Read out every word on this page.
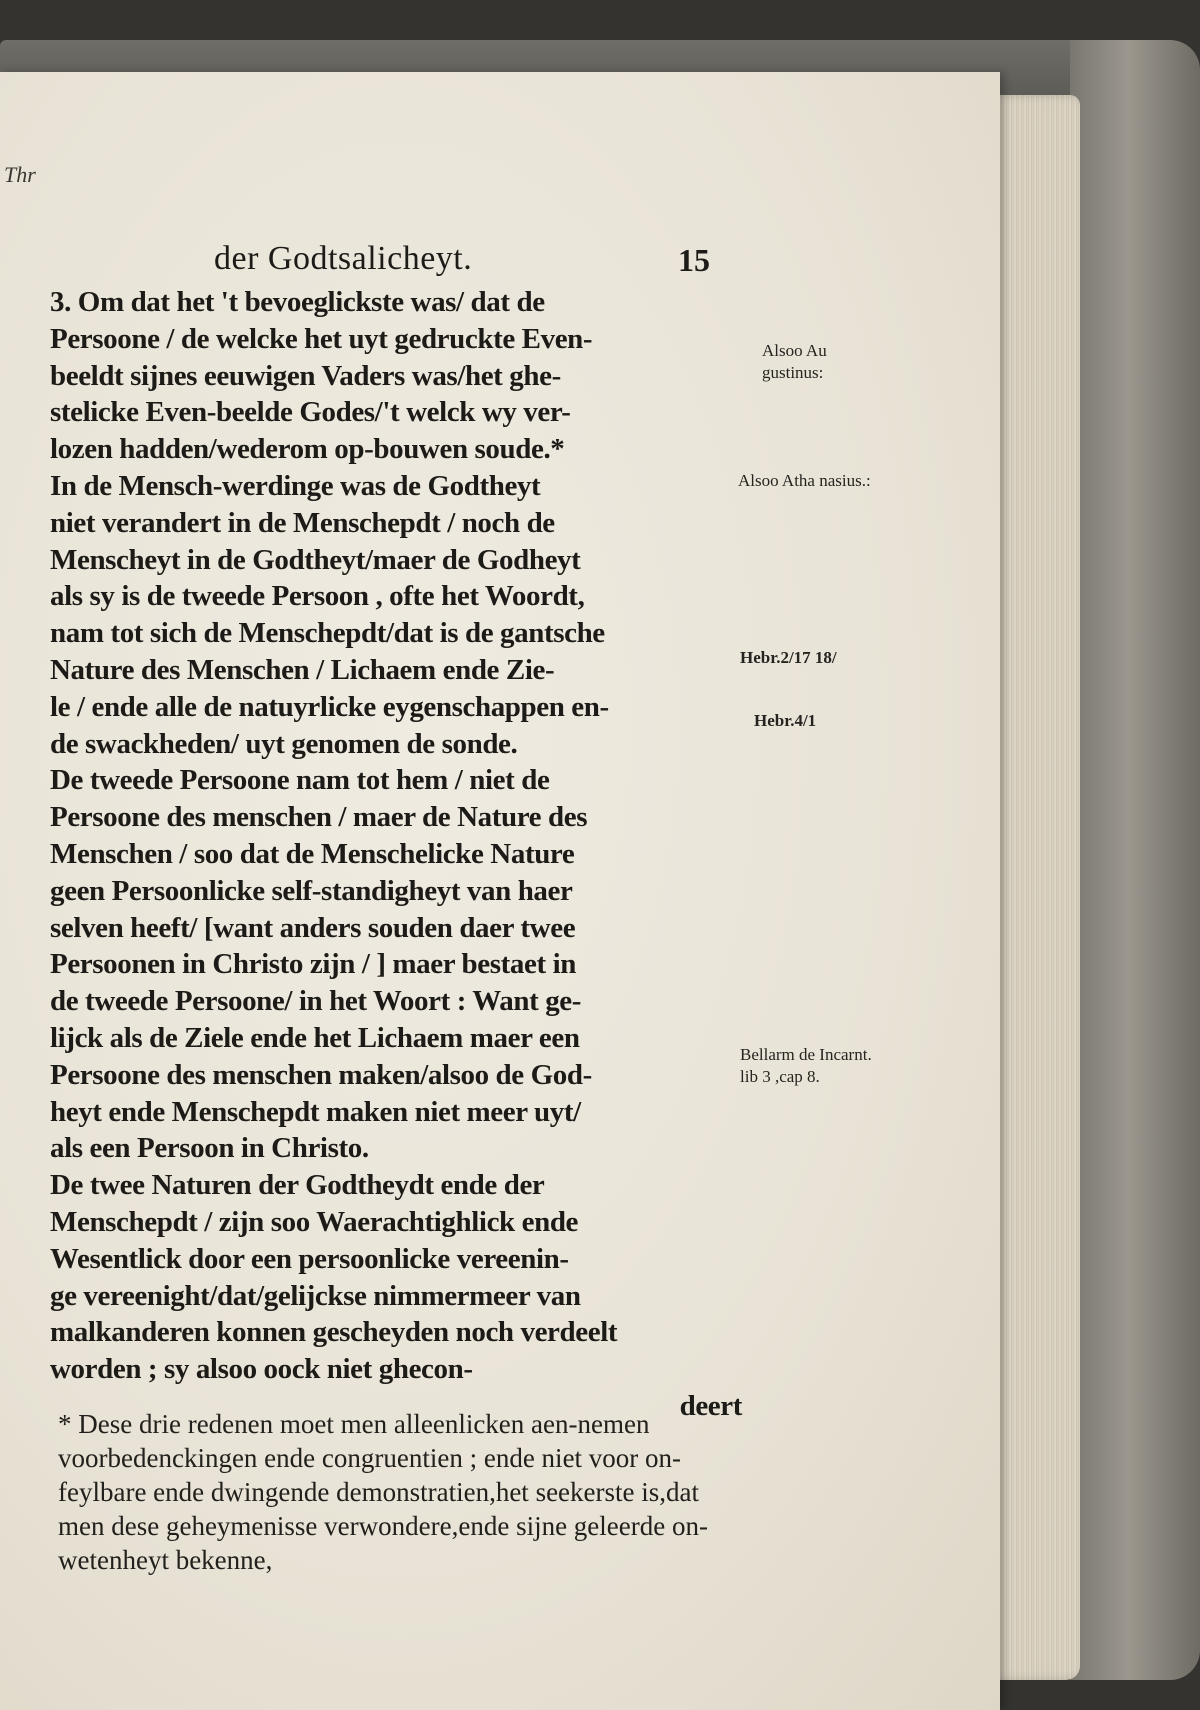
Thr
der Godtsalicheyt.	15
3. Om dat het 't bevoeglickste was/ dat de
Persoone / de welcke het uyt gedruckte Even-
beeldt sijnes eeuwigen Vaders was/het ghe-
stelicke Even-beelde Godes/'t welck wy ver-
lozen hadden/wederom op-bouwen soude.*
In de Mensch-werdinge was de Godtheyt
niet verandert in de Menschepdt / noch de
Menscheyt in de Godtheyt/maer de Godheyt
als sy is de tweede Persoon , ofte het Woordt,
nam tot sich de Menschepdt/dat is de gantsche
Nature des Menschen / Lichaem ende Zie-
le / ende alle de natuyrlicke eygenschappen en-
de swackheden/ uyt genomen de sonde.
De tweede Persoone nam tot hem / niet de
Persoone des menschen / maer de Nature des
Menschen / soo dat de Menschelicke Nature
geen Persoonlicke self-standigheyt van haer
selven heeft/ [want anders souden daer twee
Persoonen in Christo zijn / ] maer bestaet in
de tweede Persoone/ in het Woort : Want ge-
lijck als de Ziele ende het Lichaem maer een
Persoone des menschen maken/alsoo de God-
heyt ende Menschepdt maken niet meer uyt/
als een Persoon in Christo.
De twee Naturen der Godtheydt ende der
Menschepdt / zijn soo Waerachtighlick ende
Wesentlick door een persoonlicke vereenin-
ge vereenight/dat/gelijckse nimmermeer van
malkanderen konnen gescheyden noch verdeelt
worden ; sy alsoo oock niet ghecon-
deert
Alsoo Au gustinus:
Alsoo Atha nasius.:
Hebr.2/17 18/
Hebr.4/1
Bellarm de Incarnt. lib 3 ,cap 8.
* Dese drie redenen moet men alleenlicken aen-nemen
voorbedenckingen ende congruentien ; ende niet voor on-
feylbare ende dwingende demonstratien,het seekerste is,dat
men dese geheymenisse verwondere,ende sijne geleerde on-
wetenheyt bekenne,
